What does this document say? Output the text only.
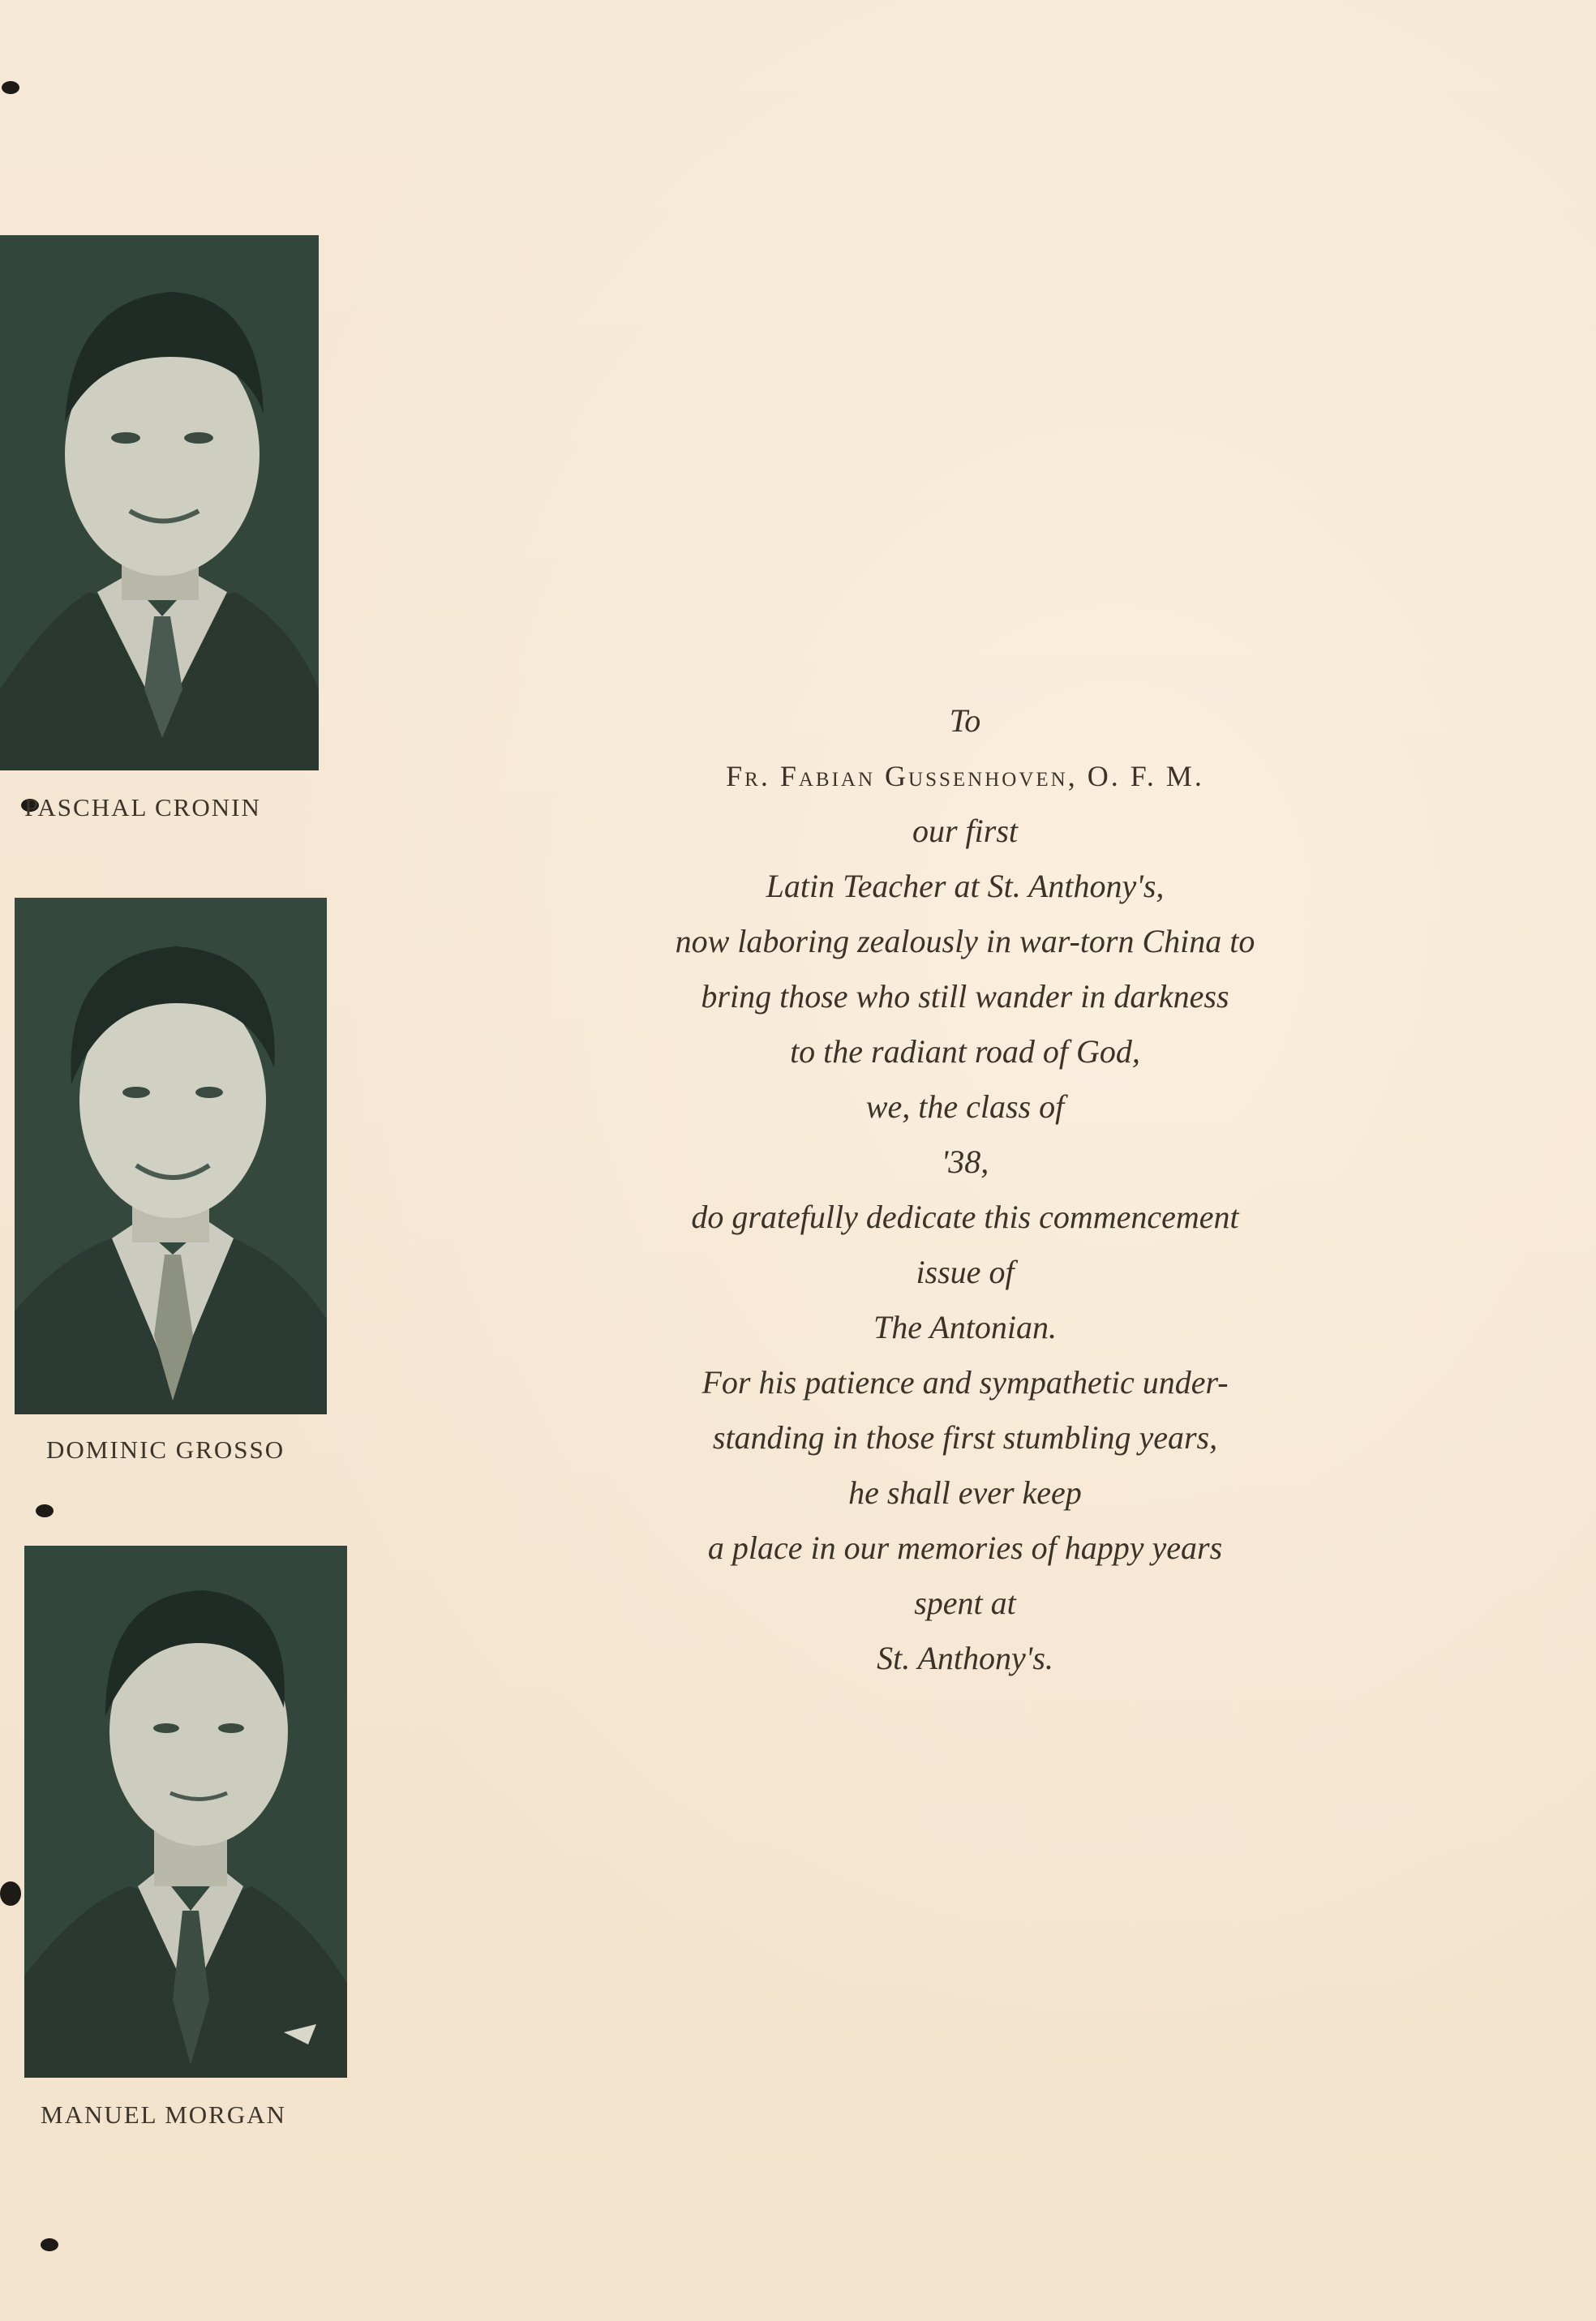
PASCHAL CRONIN
DOMINIC GROSSO
MANUEL MORGAN
To
Fr. Fabian Gussenhoven, O. F. M.
our first
Latin Teacher at St. Anthony's,
now laboring zealously in war-torn China to
bring those who still wander in darkness
to the radiant road of God,
we, the class of
'38,
do gratefully dedicate this commencement
issue of
The Antonian.
For his patience and sympathetic under-
standing in those first stumbling years,
he shall ever keep
a place in our memories of happy years
spent at
St. Anthony's.
